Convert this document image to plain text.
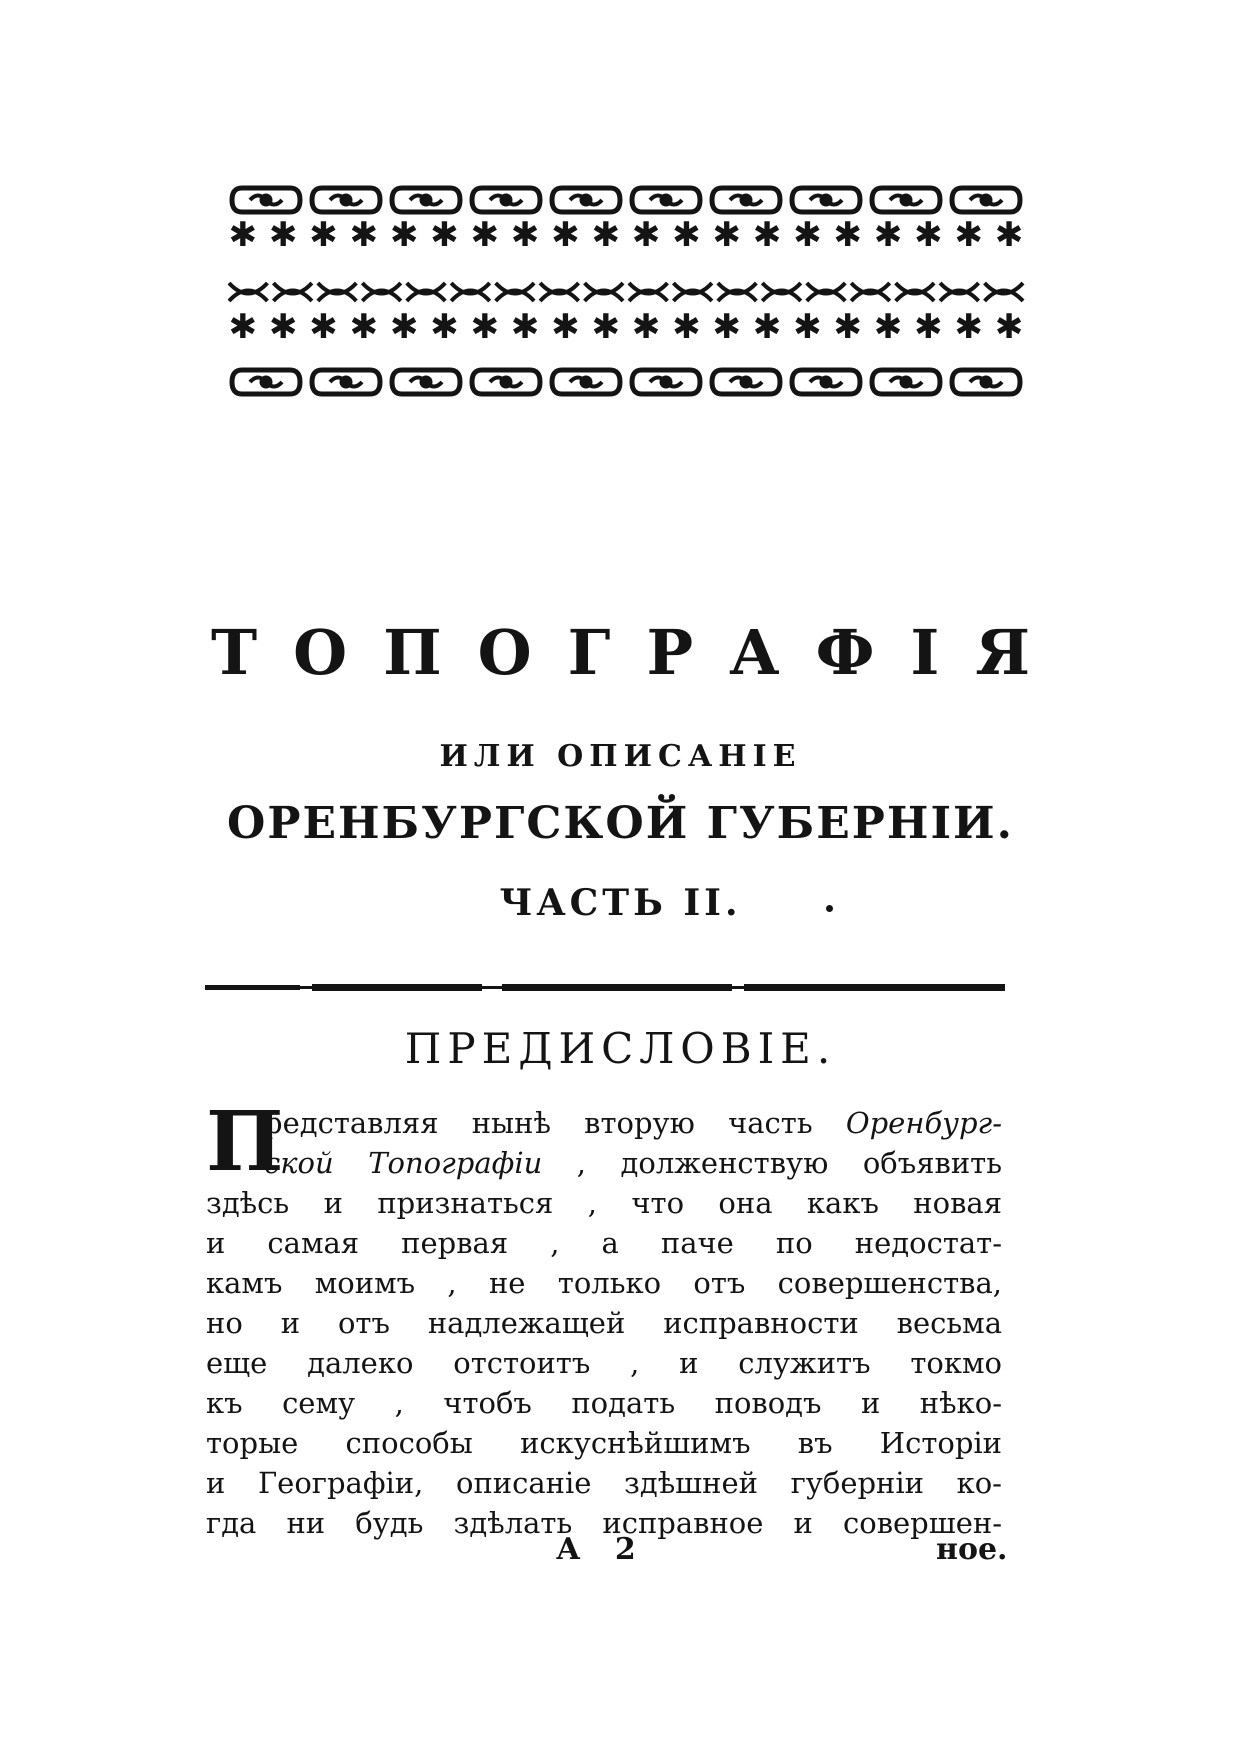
✱ ✱ ✱ ✱ ✱ ✱ ✱ ✱ ✱ ✱ ✱ ✱ ✱ ✱ ✱ ✱ ✱ ✱ ✱ ✱
✱ ✱ ✱ ✱ ✱ ✱ ✱ ✱ ✱ ✱ ✱ ✱ ✱ ✱ ✱ ✱ ✱ ✱ ✱ ✱
ТОПОГРАФІЯ
ИЛИ ОПИСАНІЕ
ОРЕНБУРГСКОЙ ГУБЕРНІИ.
ЧАСТЬ II.
ПРЕДИСЛОВІЕ.
П
редставляя нынѣ вторую часть Оренбург-
ской Топографіи , долженствую объявить
здѣсь и признаться , что она какъ новая
и самая первая , а паче по недостат-
камъ моимъ , не только отъ совершенства,
но и отъ надлежащей исправности весьма
еще далеко отстоитъ , и служитъ токмо
къ сему , чтобъ подать поводъ и нѣко-
торые способы искуснѣйшимъ въ Исторіи
и Географіи, описаніе здѣшней губерніи ко-
гда ни будь здѣлать исправное и совершен-
А 2	ное.
